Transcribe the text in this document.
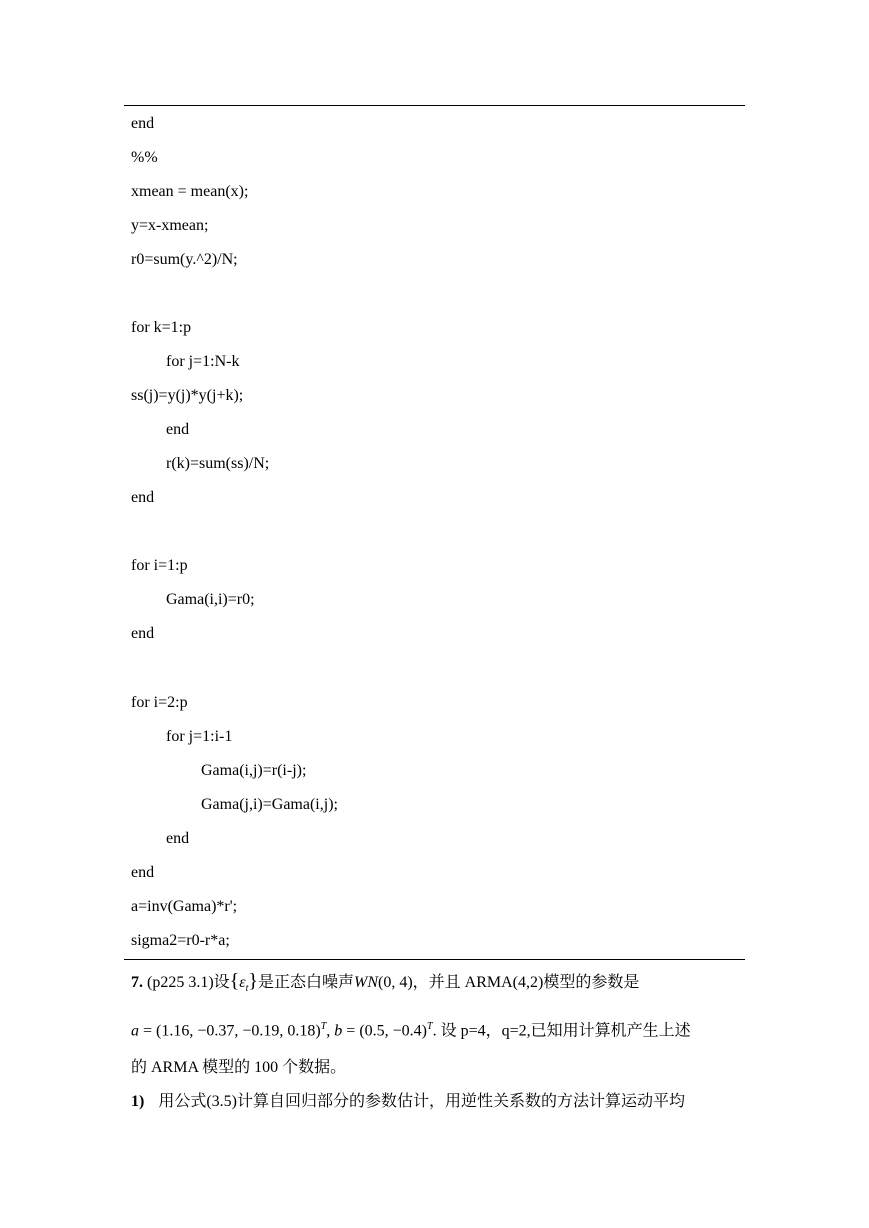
end
%%
xmean = mean(x);
y=x-xmean;
r0=sum(y.^2)/N;
for k=1:p
for j=1:N-k
ss(j)=y(j)*y(j+k);
end
r(k)=sum(ss)/N;
end
for i=1:p
Gama(i,i)=r0;
end
for i=2:p
for j=1:i-1
Gama(i,j)=r(i-j);
Gama(j,i)=Gama(i,j);
end
end
a=inv(Gama)*r';
sigma2=r0-r*a;
7. (p225 3.1)设$\{\varepsilon_t\}$是正态白噪声WN(0, 4)，并且 ARMA(4,2)模型的参数是
a = (1.16, −0.37, −0.19, 0.18)$^T$, b = (0.5, −0.4)$^T$. 设 p=4，q=2,已知用计算机产生上述
的 ARMA 模型的 100 个数据。
1) 用公式(3.5)计算自回归部分的参数估计，用逆性关系数的方法计算运动平均
